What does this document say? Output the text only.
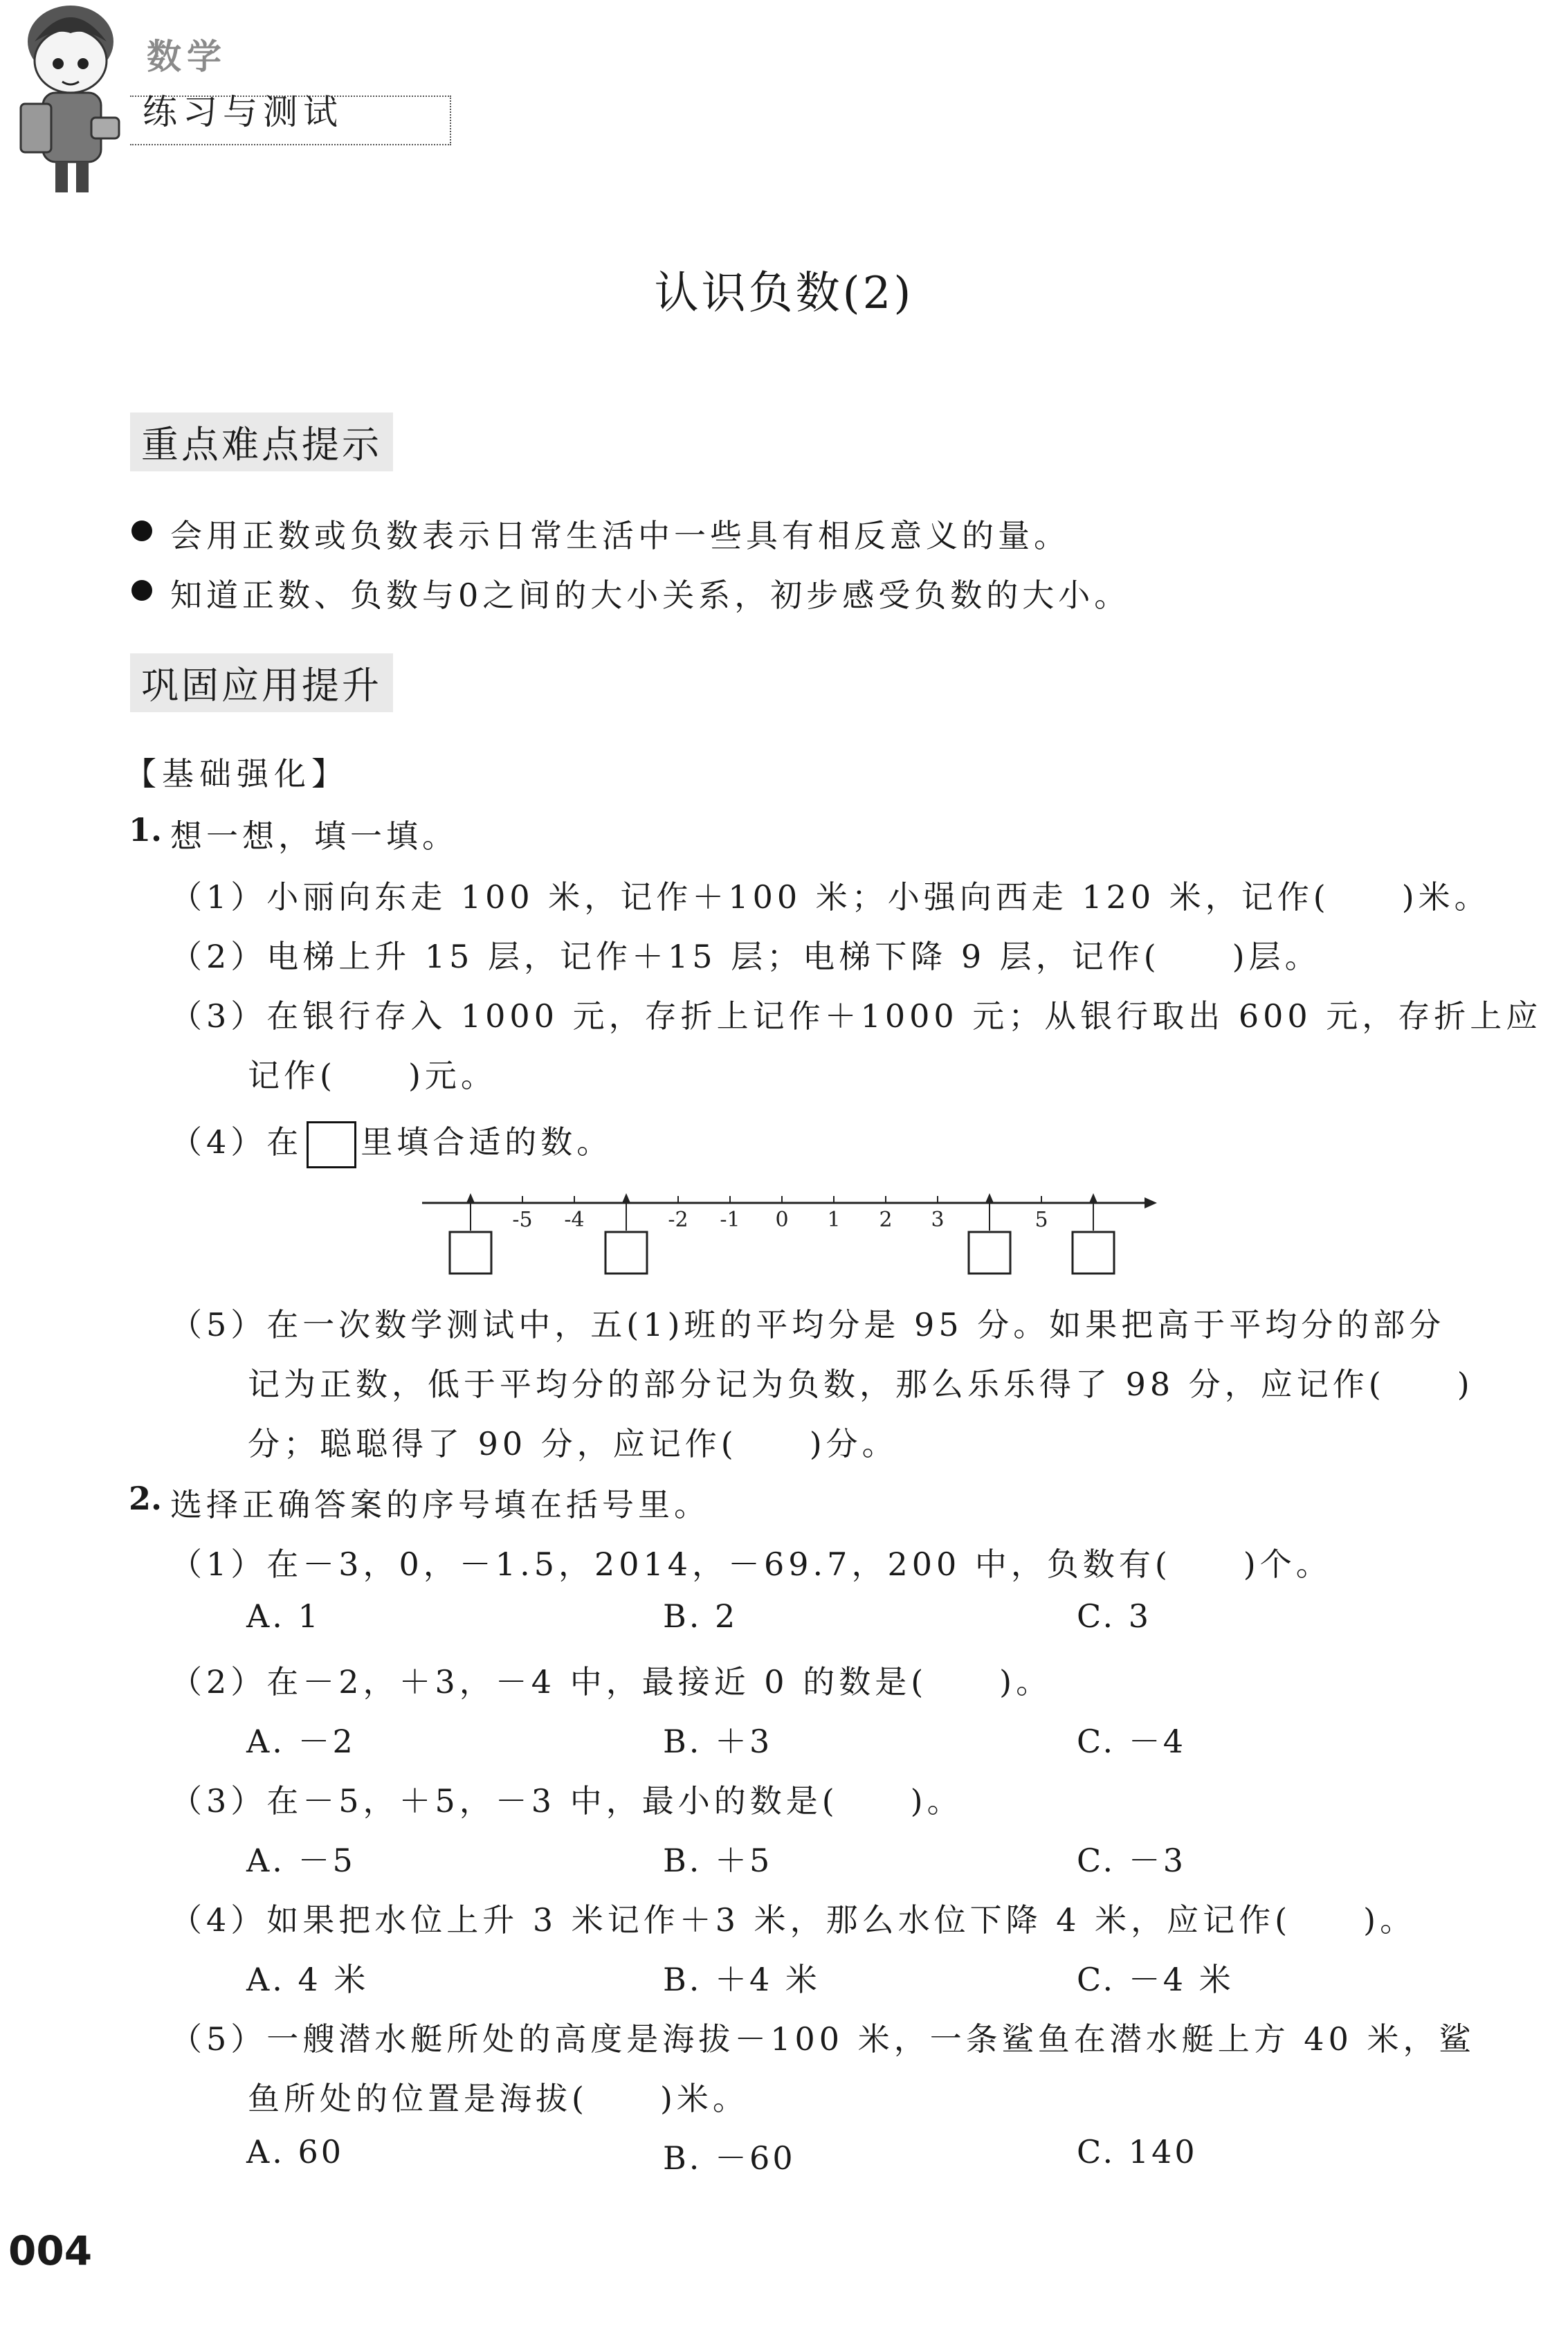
数学
练习与测试
认识负数(2)
重点难点提示
会用正数或负数表示日常生活中一些具有相反意义的量。
知道正数、负数与0之间的大小关系，初步感受负数的大小。
巩固应用提升
【基础强化】
1. 想一想，填一填。
（1）小丽向东走 100 米，记作＋100 米；小强向西走 120 米，记作(　　)米。
（2）电梯上升 15 层，记作＋15 层；电梯下降 9 层，记作(　　)层。
（3）在银行存入 1000 元，存折上记作＋1000 元；从银行取出 600 元，存折上应
记作(　　)元。
（4）在 里填合适的数。
-5 -4	-2 -1 0 1 2 3	5
（5）在一次数学测试中，五(1)班的平均分是 95 分。如果把高于平均分的部分
记为正数，低于平均分的部分记为负数，那么乐乐得了 98 分，应记作(　　)
分；聪聪得了 90 分，应记作(　　)分。
2. 选择正确答案的序号填在括号里。
（1）在－3，0，－1.5，2014，－69.7，200 中，负数有(　　)个。
A. 1	B. 2	C. 3
（2）在－2，＋3，－4 中，最接近 0 的数是(　　)。
A. －2	B. ＋3	C. －4
（3）在－5，＋5，－3 中，最小的数是(　　)。
A. －5	B. ＋5	C. －3
（4）如果把水位上升 3 米记作＋3 米，那么水位下降 4 米，应记作(　　)。
A. 4 米	B. ＋4 米	C. －4 米
（5）一艘潜水艇所处的高度是海拔－100 米，一条鲨鱼在潜水艇上方 40 米，鲨
鱼所处的位置是海拔(　　)米。
A. 60	B. －60	C. 140
004
